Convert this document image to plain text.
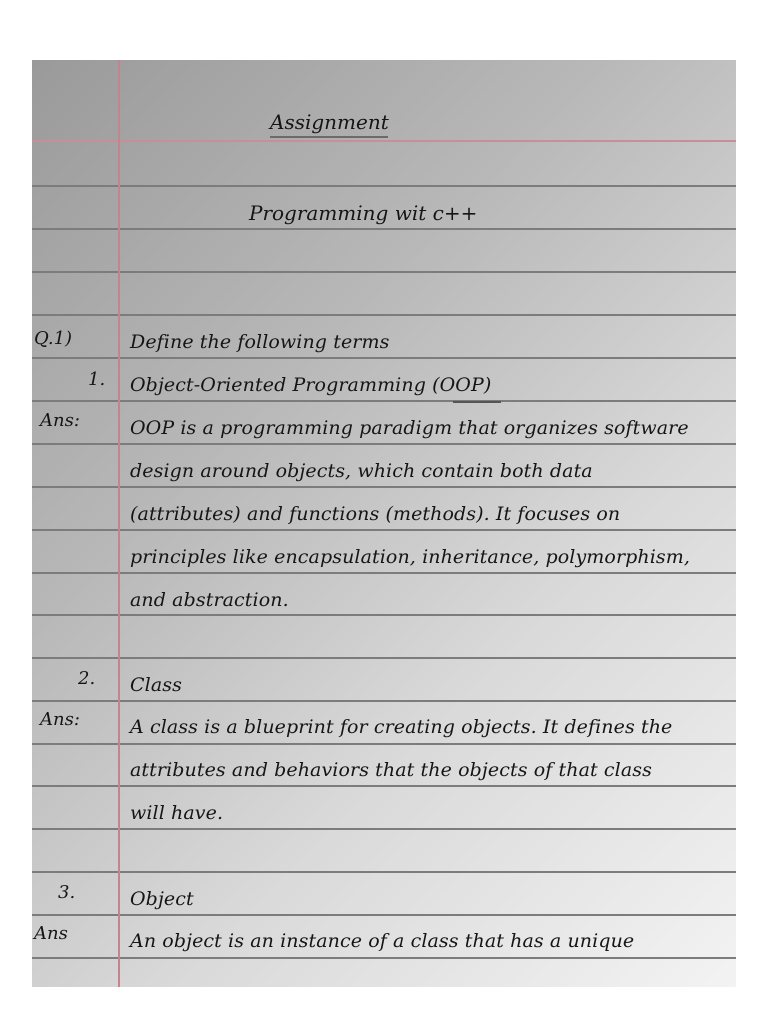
Assignment
Programming wit c++
Q.1)	Define the following terms
1. Object-Oriented Programming (OOP)
Ans:	OOP is a programming paradigm that organizes software
design around objects, which contain both data
(attributes) and functions (methods). It focuses on
principles like encapsulation, inheritance, polymorphism,
and abstraction.
2. Class
Ans:	A class is a blueprint for creating objects. It defines the
attributes and behaviors that the objects of that class
will have.
3.	Object
Ans	An object is an instance of a class that has a unique
